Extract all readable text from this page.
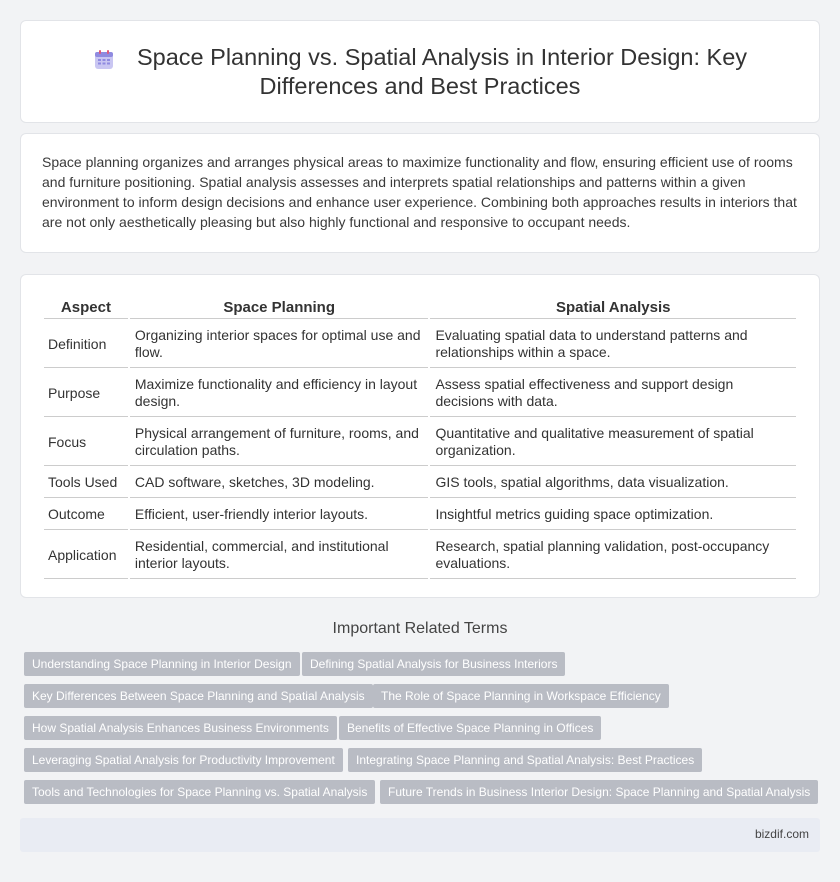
Space Planning vs. Spatial Analysis in Interior Design: Key
Differences and Best Practices

Space planning organizes and arranges physical areas to maximize functionality and flow, ensuring efficient use of rooms and furniture positioning. Spatial analysis assesses and interprets spatial relationships and patterns within a given environment to inform design decisions and enhance user experience. Combining both approaches results in interiors that are not only aesthetically pleasing but also highly functional and responsive to occupant needs.

Aspect	Space Planning	Spatial Analysis
Definition	Organizing interior spaces for optimal use and flow.	Evaluating spatial data to understand patterns and relationships within a space.
Purpose	Maximize functionality and efficiency in layout design.	Assess spatial effectiveness and support design decisions with data.
Focus	Physical arrangement of furniture, rooms, and circulation paths.	Quantitative and qualitative measurement of spatial organization.
Tools Used	CAD software, sketches, 3D modeling.	GIS tools, spatial algorithms, data visualization.
Outcome	Efficient, user-friendly interior layouts.	Insightful metrics guiding space optimization.
Application	Residential, commercial, and institutional interior layouts.	Research, spatial planning validation, post-occupancy evaluations.
Important Related Terms
Understanding Space Planning in Interior Design	Defining Spatial Analysis for Business Interiors
Key Differences Between Space Planning and Spatial Analysis	The Role of Space Planning in Workspace Efficiency
How Spatial Analysis Enhances Business Environments	Benefits of Effective Space Planning in Offices
Leveraging Spatial Analysis for Productivity Improvement	Integrating Space Planning and Spatial Analysis: Best Practices
Tools and Technologies for Space Planning vs. Spatial Analysis	Future Trends in Business Interior Design: Space Planning and Spatial Analysis
bizdif.com
